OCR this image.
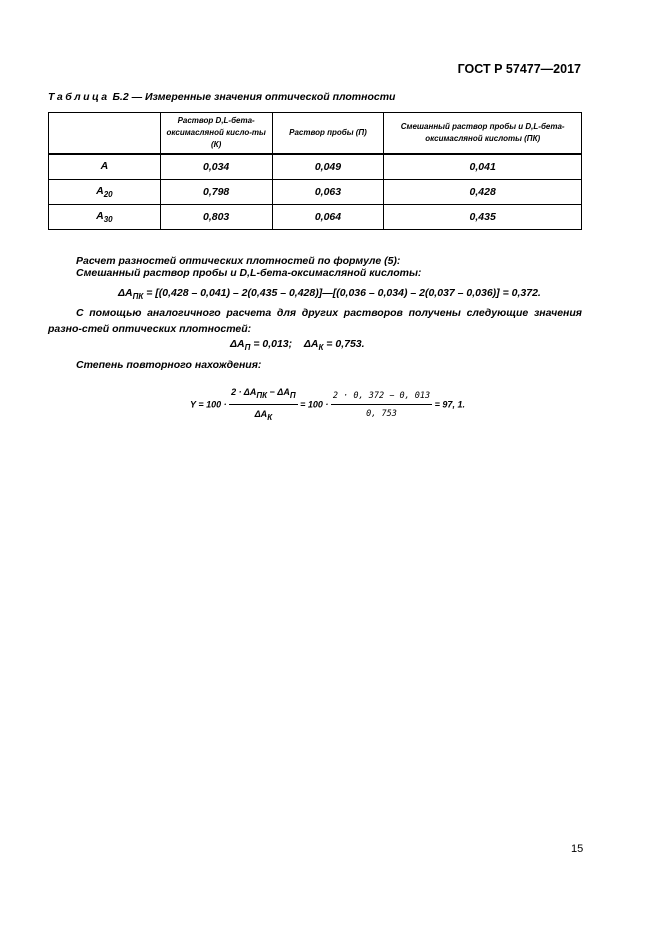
ГОСТ Р 57477—2017
Таблица Б.2 — Измеренные значения оптической плотности
	Раствор D,L-бета-оксимасляной кисло-ты (К)	Раствор пробы (П)	Смешанный раствор пробы и D,L-бета-оксимасляной кислоты (ПК)
A	0,034	0,049	0,041
$A_{20}$	0,798	0,063	0,428
$A_{30}$	0,803	0,064	0,435
Расчет разностей оптических плотностей по формуле (5):
Смешанный раствор пробы и D,L-бета-оксимасляной кислоты:
$\Delta A_{ПК} = [(0,428 - 0,041) - 2(0,435$ – 0,428)]—[(0,036 – 0,034) – 2(0,037 – 0,036)] = 0,372.
С помощью аналогичного расчета для других растворов получены следующие значения разно-стей оптических плотностей:
$\Delta A_П = 0,013$; $\Delta A_К = 0,753$.
Степень повторного нахождения:
$Y = 100 \cdot \frac{\text{2 · ΔAПК − ΔAП}}{\text{ΔAК}} = 100 \cdot \frac{2 \cdot 0, 372 - 0, 013}{0, 753} = 97$, 1.
15
